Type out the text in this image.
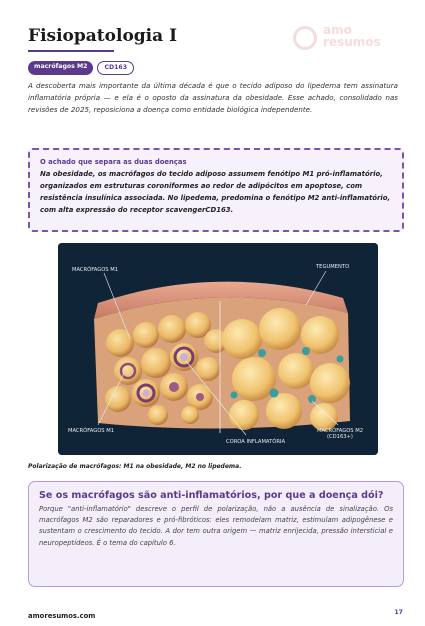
Fisiopatologia I	amo
resumos
macrófagos M2	CD163

A descoberta mais importante da última década é que o tecido adiposo do lipedema tem assinatura inflamatória própria — e ela é o oposto da assinatura da obesidade. Esse achado, consolidado nas revisões de 2025, reposiciona a doença como entidade biológica independente.

O achado que separa as duas doenças
Na obesidade, os macrófagos do tecido adiposo assumem fenótipo M1 pró-inflamatório, organizados em estruturas coroniformes ao redor de adipócitos em apoptose, com resistência insulínica associada. No lipedema, predomina o fenótipo M2 anti-inflamatório, com alta expressão do receptor scavengerCD163.
MACRÓFAGOS M1	TEGUMENTO
MACRÓFAGOS M1
COROA INFLAMATÓRIA
MACRÓFAGOS M2
(CD163+)
Polarização de macrófagos: M1 na obesidade, M2 no lipedema.
Se os macrófagos são anti-inflamatórios, por que a doença dói?
Porque "anti-inflamatório" descreve o perfil de polarização, não a ausência de sinalização. Os macrófagos M2 são reparadores e pró-fibróticos: eles remodelam matriz, estimulam adipogênese e sustentam o crescimento do tecido. A dor tem outra origem — matriz enrijecida, pressão intersticial e neuropeptídeos. É o tema do capítulo 6.
amoresumos.com	17
